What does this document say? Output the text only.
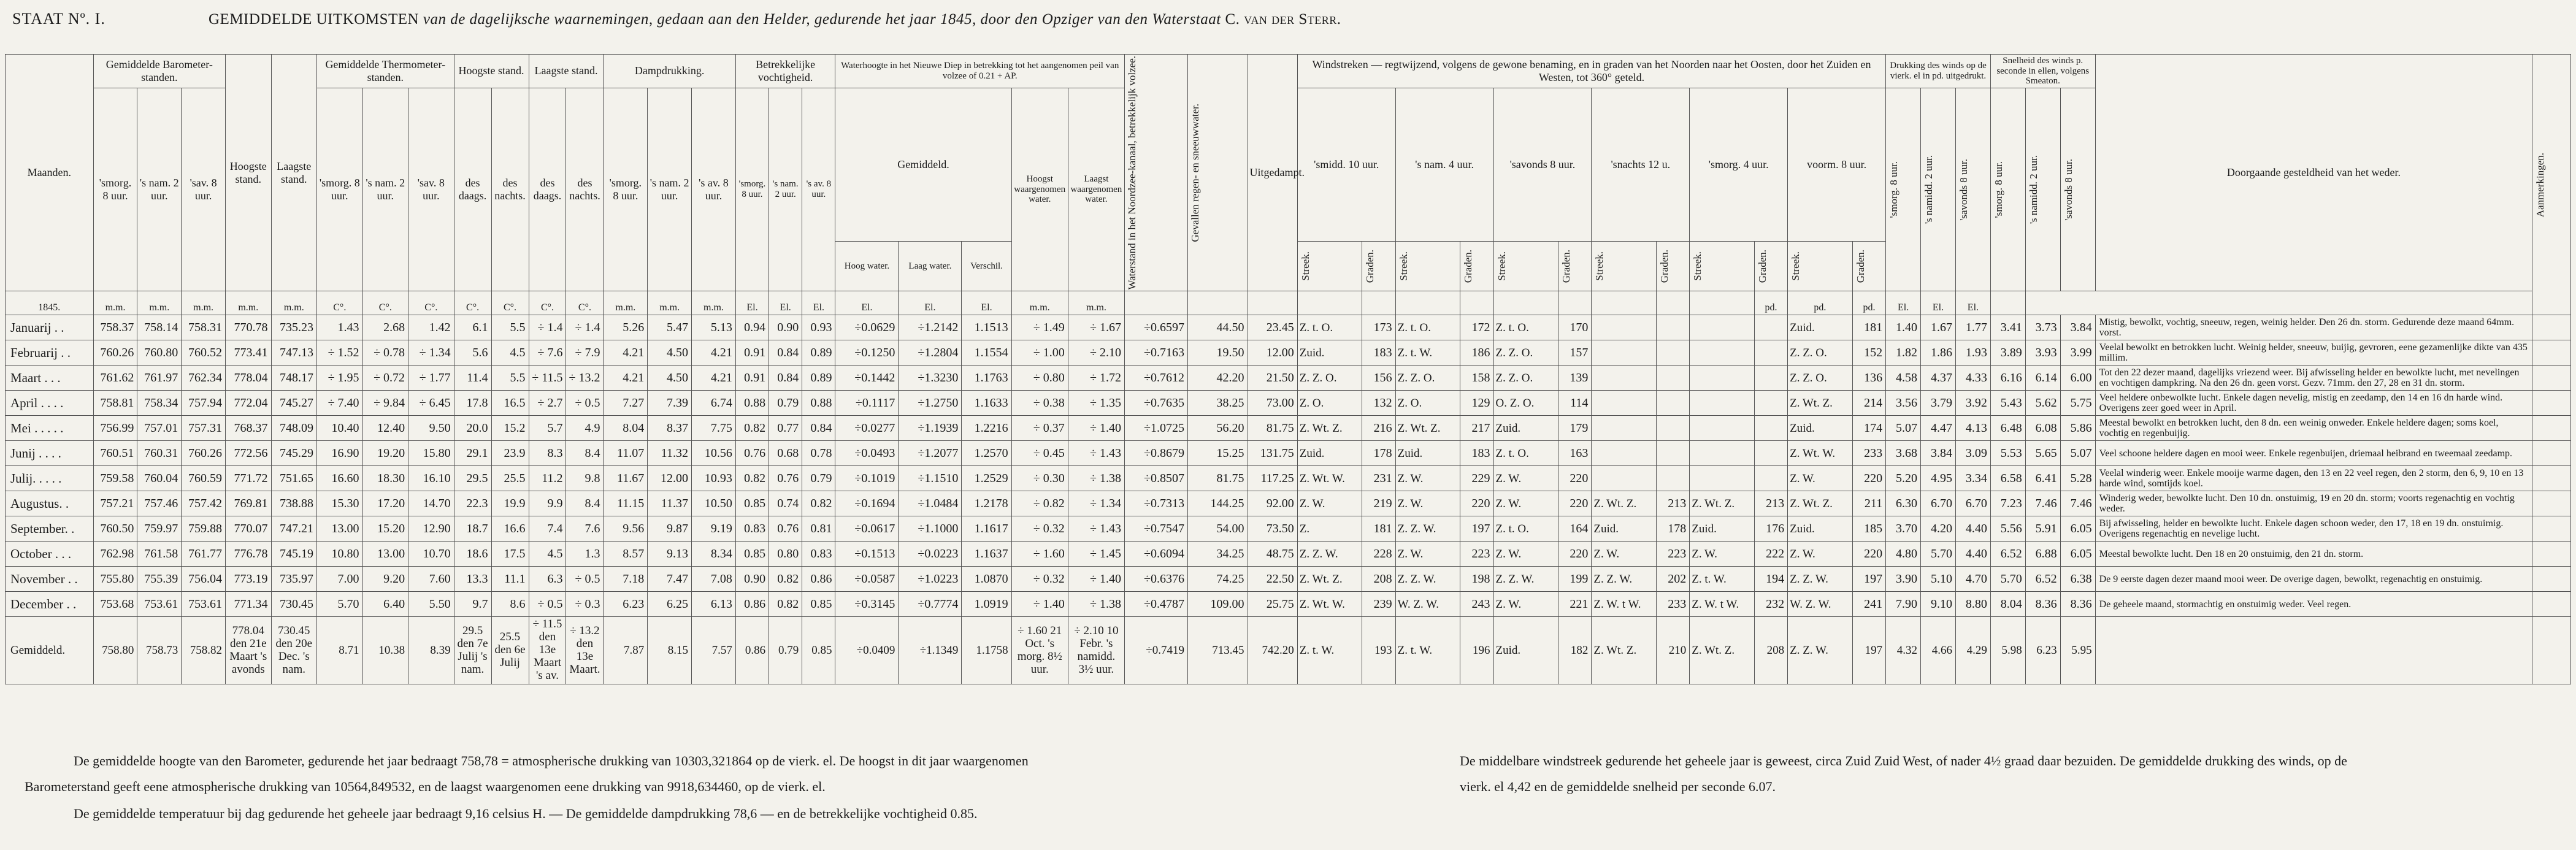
STAAT Nº. I.	GEMIDDELDE UITKOMSTEN van de dagelijksche waarnemingen, gedaan aan den Helder, gedurende het jaar 1845, door den Opziger van den Waterstaat C. van der Sterr.
Maanden.	Gemiddelde Barometer-standen.			Hoogste stand.	Laagste stand.	Gemiddelde Thermometer-standen.			Hoogste stand.		Laagste stand.		Dampdrukking.			Betrekkelijke vochtigheid.			Waterhoogte in het Nieuwe Diep in betrekking tot het aangenomen peil van volzee of 0.21 + AP.					Waterstand in het Noordzee-kanaal, betrekkelijk volzee.	Gevallen regen- en sneeuwwater.	Uitgedampt.	Windstreken — regtwijzend, volgens de gewone benaming, en in graden van het Noorden naar het Oosten, door het Zuiden en Westen, tot 360° geteld.												Drukking des winds op de vierk. el in pd. uitgedrukt.			Snelheid des winds p. seconde in ellen, volgens Smeaton.			Doorgaande gesteldheid van het weder.	Aanmerkingen.

	'smorg. 8 uur.	's nam. 2 uur.	'sav. 8 uur.			'smorg. 8 uur.	's nam. 2 uur.	'sav. 8 uur.	des daags.	des nachts.	des daags.	des nachts.	'smorg. 8 uur.	's nam. 2 uur.	's av. 8 uur.	'smorg. 8 uur.	's nam. 2 uur.	's av. 8 uur.	Gemiddeld.			Hoogst waargenomen water.	Laagst waargenomen water.				'smidd. 10 uur.		's nam. 4 uur.		'savonds 8 uur.		'snachts 12 u.		'smorg. 4 uur.		voorm. 8 uur.		'smorg. 8 uur.	's namidd. 2 uur.	'savonds 8 uur.	'smorg. 8 uur.	's namidd. 2 uur.	'savonds 8 uur.		

																			Hoog water.	Laag water.	Verschil.						Streek.	Graden.	Streek.	Graden.	Streek.	Graden.	Streek.	Graden.	Streek.	Graden.	Streek.	Graden.								

1845.	m.m.	m.m.	m.m.	m.m.	m.m.	C°.	C°.	C°.	C°.	C°.	C°.	C°.	m.m.	m.m.	m.m.	El.	El.	El.	El.	El.	El.	m.m.	m.m.													pd.	pd.	pd.	El.	El.	El.					
Januarij . .	758.37	758.14	758.31	770.78	735.23	1.43	2.68	1.42	6.1	5.5	÷ 1.4	÷ 1.4	5.26	5.47	5.13	0.94	0.90	0.93	÷0.0629	÷1.2142	1.1513	÷ 1.49	÷ 1.67	÷0.6597	44.50	23.45	Z. t. O.	173	Z. t. O.	172	Z. t. O.	170					Zuid.	181	1.40	1.67	1.77	3.41	3.73	3.84	Mistig, bewolkt, vochtig, sneeuw, regen, weinig helder. Den 26 dn. storm. Gedurende deze maand 64mm. vorst.	
Februarij . .	760.26	760.80	760.52	773.41	747.13	÷ 1.52	÷ 0.78	÷ 1.34	5.6	4.5	÷ 7.6	÷ 7.9	4.21	4.50	4.21	0.91	0.84	0.89	÷0.1250	÷1.2804	1.1554	÷ 1.00	÷ 2.10	÷0.7163	19.50	12.00	Zuid.	183	Z. t. W.	186	Z. Z. O.	157					Z. Z. O.	152	1.82	1.86	1.93	3.89	3.93	3.99	Veelal bewolkt en betrokken lucht. Weinig helder, sneeuw, buijig, gevroren, eene gezamenlijke dikte van 435 millim.	
Maart . . .	761.62	761.97	762.34	778.04	748.17	÷ 1.95	÷ 0.72	÷ 1.77	11.4	5.5	÷ 11.5	÷ 13.2	4.21	4.50	4.21	0.91	0.84	0.89	÷0.1442	÷1.3230	1.1763	÷ 0.80	÷ 1.72	÷0.7612	42.20	21.50	Z. Z. O.	156	Z. Z. O.	158	Z. Z. O.	139					Z. Z. O.	136	4.58	4.37	4.33	6.16	6.14	6.00	Tot den 22 dezer maand, dagelijks vriezend weer. Bij afwisseling helder en bewolkte lucht, met nevelingen en vochtigen dampkring. Na den 26 dn. geen vorst. Gezv. 71mm. den 27, 28 en 31 dn. storm.	
April . . . .	758.81	758.34	757.94	772.04	745.27	÷ 7.40	÷ 9.84	÷ 6.45	17.8	16.5	÷ 2.7	÷ 0.5	7.27	7.39	6.74	0.88	0.79	0.88	÷0.1117	÷1.2750	1.1633	÷ 0.38	÷ 1.35	÷0.7635	38.25	73.00	Z. O.	132	Z. O.	129	O. Z. O.	114					Z. Wt. Z.	214	3.56	3.79	3.92	5.43	5.62	5.75	Veel heldere onbewolkte lucht. Enkele dagen nevelig, mistig en zeedamp, den 14 en 16 dn harde wind. Overigens zeer goed weer in April.	
Mei . . . . .	756.99	757.01	757.31	768.37	748.09	10.40	12.40	9.50	20.0	15.2	5.7	4.9	8.04	8.37	7.75	0.82	0.77	0.84	÷0.0277	÷1.1939	1.2216	÷ 0.37	÷ 1.40	÷1.0725	56.20	81.75	Z. Wt. Z.	216	Z. Wt. Z.	217	Zuid.	179					Zuid.	174	5.07	4.47	4.13	6.48	6.08	5.86	Meestal bewolkt en betrokken lucht, den 8 dn. een weinig onweder. Enkele heldere dagen; soms koel, vochtig en regenbuijig.	
Junij . . . .	760.51	760.31	760.26	772.56	745.29	16.90	19.20	15.80	29.1	23.9	8.3	8.4	11.07	11.32	10.56	0.76	0.68	0.78	÷0.0493	÷1.2077	1.2570	÷ 0.45	÷ 1.43	÷0.8679	15.25	131.75	Zuid.	178	Zuid.	183	Z. t. O.	163					Z. Wt. W.	233	3.68	3.84	3.09	5.53	5.65	5.07	Veel schoone heldere dagen en mooi weer. Enkele regenbuijen, driemaal heibrand en tweemaal zeedamp.	
Julij. . . . .	759.58	760.04	760.59	771.72	751.65	16.60	18.30	16.10	29.5	25.5	11.2	9.8	11.67	12.00	10.93	0.82	0.76	0.79	÷0.1019	÷1.1510	1.2529	÷ 0.30	÷ 1.38	÷0.8507	81.75	117.25	Z. Wt. W.	231	Z. W.	229	Z. W.	220					Z. W.	220	5.20	4.95	3.34	6.58	6.41	5.28	Veelal winderig weer. Enkele mooije warme dagen, den 13 en 22 veel regen, den 2 storm, den 6, 9, 10 en 13 harde wind, somtijds koel.	
Augustus. .	757.21	757.46	757.42	769.81	738.88	15.30	17.20	14.70	22.3	19.9	9.9	8.4	11.15	11.37	10.50	0.85	0.74	0.82	÷0.1694	÷1.0484	1.2178	÷ 0.82	÷ 1.34	÷0.7313	144.25	92.00	Z. W.	219	Z. W.	220	Z. W.	220	Z. Wt. Z.	213	Z. Wt. Z.	213	Z. Wt. Z.	211	6.30	6.70	6.70	7.23	7.46	7.46	Winderig weder, bewolkte lucht. Den 10 dn. onstuimig, 19 en 20 dn. storm; voorts regenachtig en vochtig weder.	
September. .	760.50	759.97	759.88	770.07	747.21	13.00	15.20	12.90	18.7	16.6	7.4	7.6	9.56	9.87	9.19	0.83	0.76	0.81	÷0.0617	÷1.1000	1.1617	÷ 0.32	÷ 1.43	÷0.7547	54.00	73.50	Z.	181	Z. Z. W.	197	Z. t. O.	164	Zuid.	178	Zuid.	176	Zuid.	185	3.70	4.20	4.40	5.56	5.91	6.05	Bij afwisseling, helder en bewolkte lucht. Enkele dagen schoon weder, den 17, 18 en 19 dn. onstuimig. Overigens regenachtig en nevelige lucht.	
October . . .	762.98	761.58	761.77	776.78	745.19	10.80	13.00	10.70	18.6	17.5	4.5	1.3	8.57	9.13	8.34	0.85	0.80	0.83	÷0.1513	÷0.0223	1.1637	÷ 1.60	÷ 1.45	÷0.6094	34.25	48.75	Z. Z. W.	228	Z. W.	223	Z. W.	220	Z. W.	223	Z. W.	222	Z. W.	220	4.80	5.70	4.40	6.52	6.88	6.05	Meestal bewolkte lucht. Den 18 en 20 onstuimig, den 21 dn. storm.	
November . .	755.80	755.39	756.04	773.19	735.97	7.00	9.20	7.60	13.3	11.1	6.3	÷ 0.5	7.18	7.47	7.08	0.90	0.82	0.86	÷0.0587	÷1.0223	1.0870	÷ 0.32	÷ 1.40	÷0.6376	74.25	22.50	Z. Wt. Z.	208	Z. Z. W.	198	Z. Z. W.	199	Z. Z. W.	202	Z. t. W.	194	Z. Z. W.	197	3.90	5.10	4.70	5.70	6.52	6.38	De 9 eerste dagen dezer maand mooi weer. De overige dagen, bewolkt, regenachtig en onstuimig.	
December . .	753.68	753.61	753.61	771.34	730.45	5.70	6.40	5.50	9.7	8.6	÷ 0.5	÷ 0.3	6.23	6.25	6.13	0.86	0.82	0.85	÷0.3145	÷0.7774	1.0919	÷ 1.40	÷ 1.38	÷0.4787	109.00	25.75	Z. Wt. W.	239	W. Z. W.	243	Z. W.	221	Z. W. t W.	233	Z. W. t W.	232	W. Z. W.	241	7.90	9.10	8.80	8.04	8.36	8.36	De geheele maand, stormachtig en onstuimig weder. Veel regen.	
Gemiddeld.	758.80	758.73	758.82	778.04 den 21e Maart 's avonds	730.45 den 20e Dec. 's nam.	8.71	10.38	8.39	29.5 den 7e Julij 's nam.	25.5 den 6e Julij	÷ 11.5 den 13e Maart 's av.	÷ 13.2 den 13e Maart.	7.87	8.15	7.57	0.86	0.79	0.85	÷0.0409	÷1.1349	1.1758	÷ 1.60 21 Oct. 's morg. 8½ uur.	÷ 2.10 10 Febr. 's namidd. 3½ uur.	÷0.7419	713.45	742.20	Z. t. W.	193	Z. t. W.	196	Zuid.	182	Z. Wt. Z.	210	Z. Wt. Z.	208	Z. Z. W.	197	4.32	4.66	4.29	5.98	6.23	5.95		
De gemiddelde hoogte van den Barometer, gedurende het jaar bedraagt 758,78 = atmospherische drukking van 10303,321864 op de vierk. el. De hoogst in dit jaar waargenomen
Barometerstand geeft eene atmospherische drukking van 10564,849532, en de laagst waargenomen eene drukking van 9918,634460, op de vierk. el.
De gemiddelde temperatuur bij dag gedurende het geheele jaar bedraagt 9,16 celsius H. — De gemiddelde dampdrukking 78,6 — en de betrekkelijke vochtigheid 0.85.
De middelbare windstreek gedurende het geheele jaar is geweest, circa Zuid Zuid West, of nader 4½ graad daar bezuiden. De gemiddelde drukking des winds, op de
vierk. el 4,42 en de gemiddelde snelheid per seconde 6.07.
